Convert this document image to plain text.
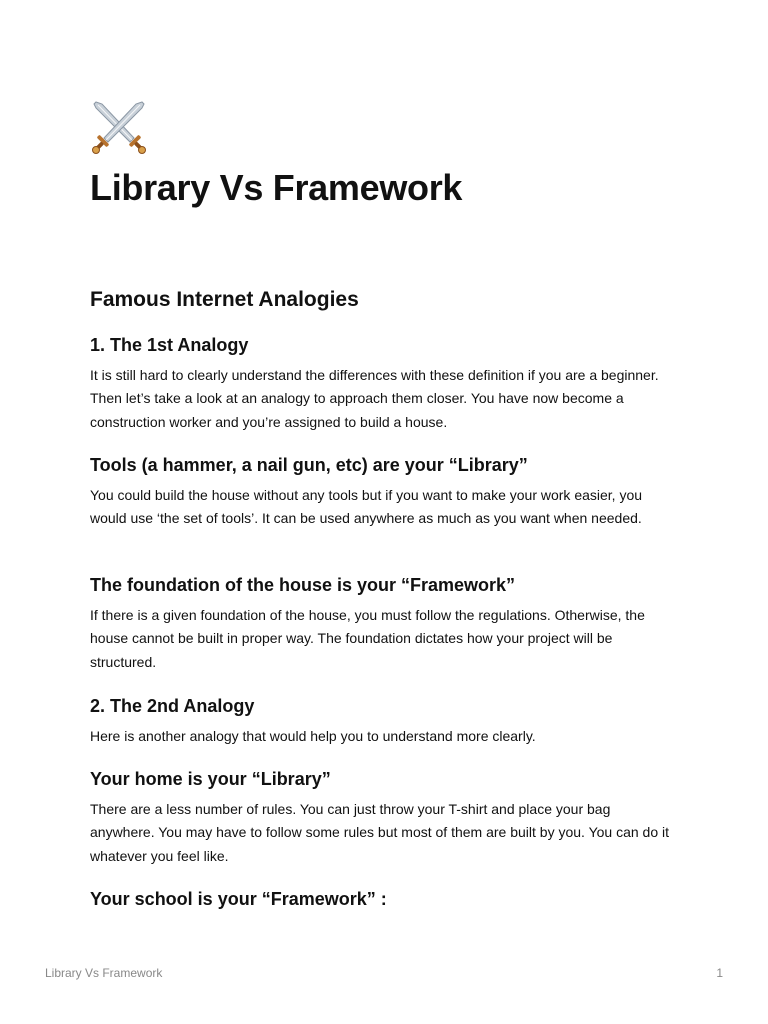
Library Vs Framework
Famous Internet Analogies
1. The 1st Analogy

It is still hard to clearly understand the differences with these definition if you are a beginner. Then let’s take a look at an analogy to approach them closer. You have now become a construction worker and you’re assigned to build a house.

Tools (a hammer, a nail gun, etc) are your “Library”

You could build the house without any tools but if you want to make your work easier, you would use ‘the set of tools’. It can be used anywhere as much as you want when needed.

The foundation of the house is your “Framework”

If there is a given foundation of the house, you must follow the regulations. Otherwise, the house cannot be built in proper way. The foundation dictates how your project will be structured.

2. The 2nd Analogy

Here is another analogy that would help you to understand more clearly.

Your home is your “Library”

There are a less number of rules. You can just throw your T-shirt and place your bag anywhere. You may have to follow some rules but most of them are built by you. You can do it whatever you feel like.

Your school is your “Framework” :
Library Vs Framework	1
